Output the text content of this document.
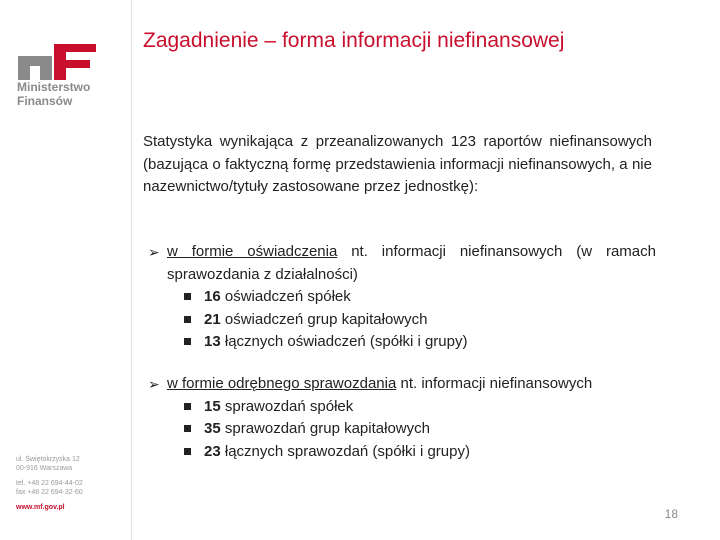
Ministerstwo
Finansów
ul. Świętokrzyska 12
00-916 Warszawa
tel. +48 22 694-44-02
fax +48 22 694-32-60
www.mf.gov.pl
Zagadnienie – forma informacji niefinansowej

Statystyka wynikająca z przeanalizowanych 123 raportów niefinansowych (bazująca o faktyczną formę przedstawienia informacji niefinansowych, a nie nazewnictwo/tytuły zastosowane przez jednostkę):

➢ w formie oświadczenia nt. informacji niefinansowych (w ramach sprawozdania z działalności)
16 oświadczeń spółek
21 oświadczeń grup kapitałowych
13 łącznych oświadczeń (spółki i grupy)
➢ w formie odrębnego sprawozdania nt. informacji niefinansowych
15 sprawozdań spółek
35 sprawozdań grup kapitałowych
23 łącznych sprawozdań (spółki i grupy)
18
